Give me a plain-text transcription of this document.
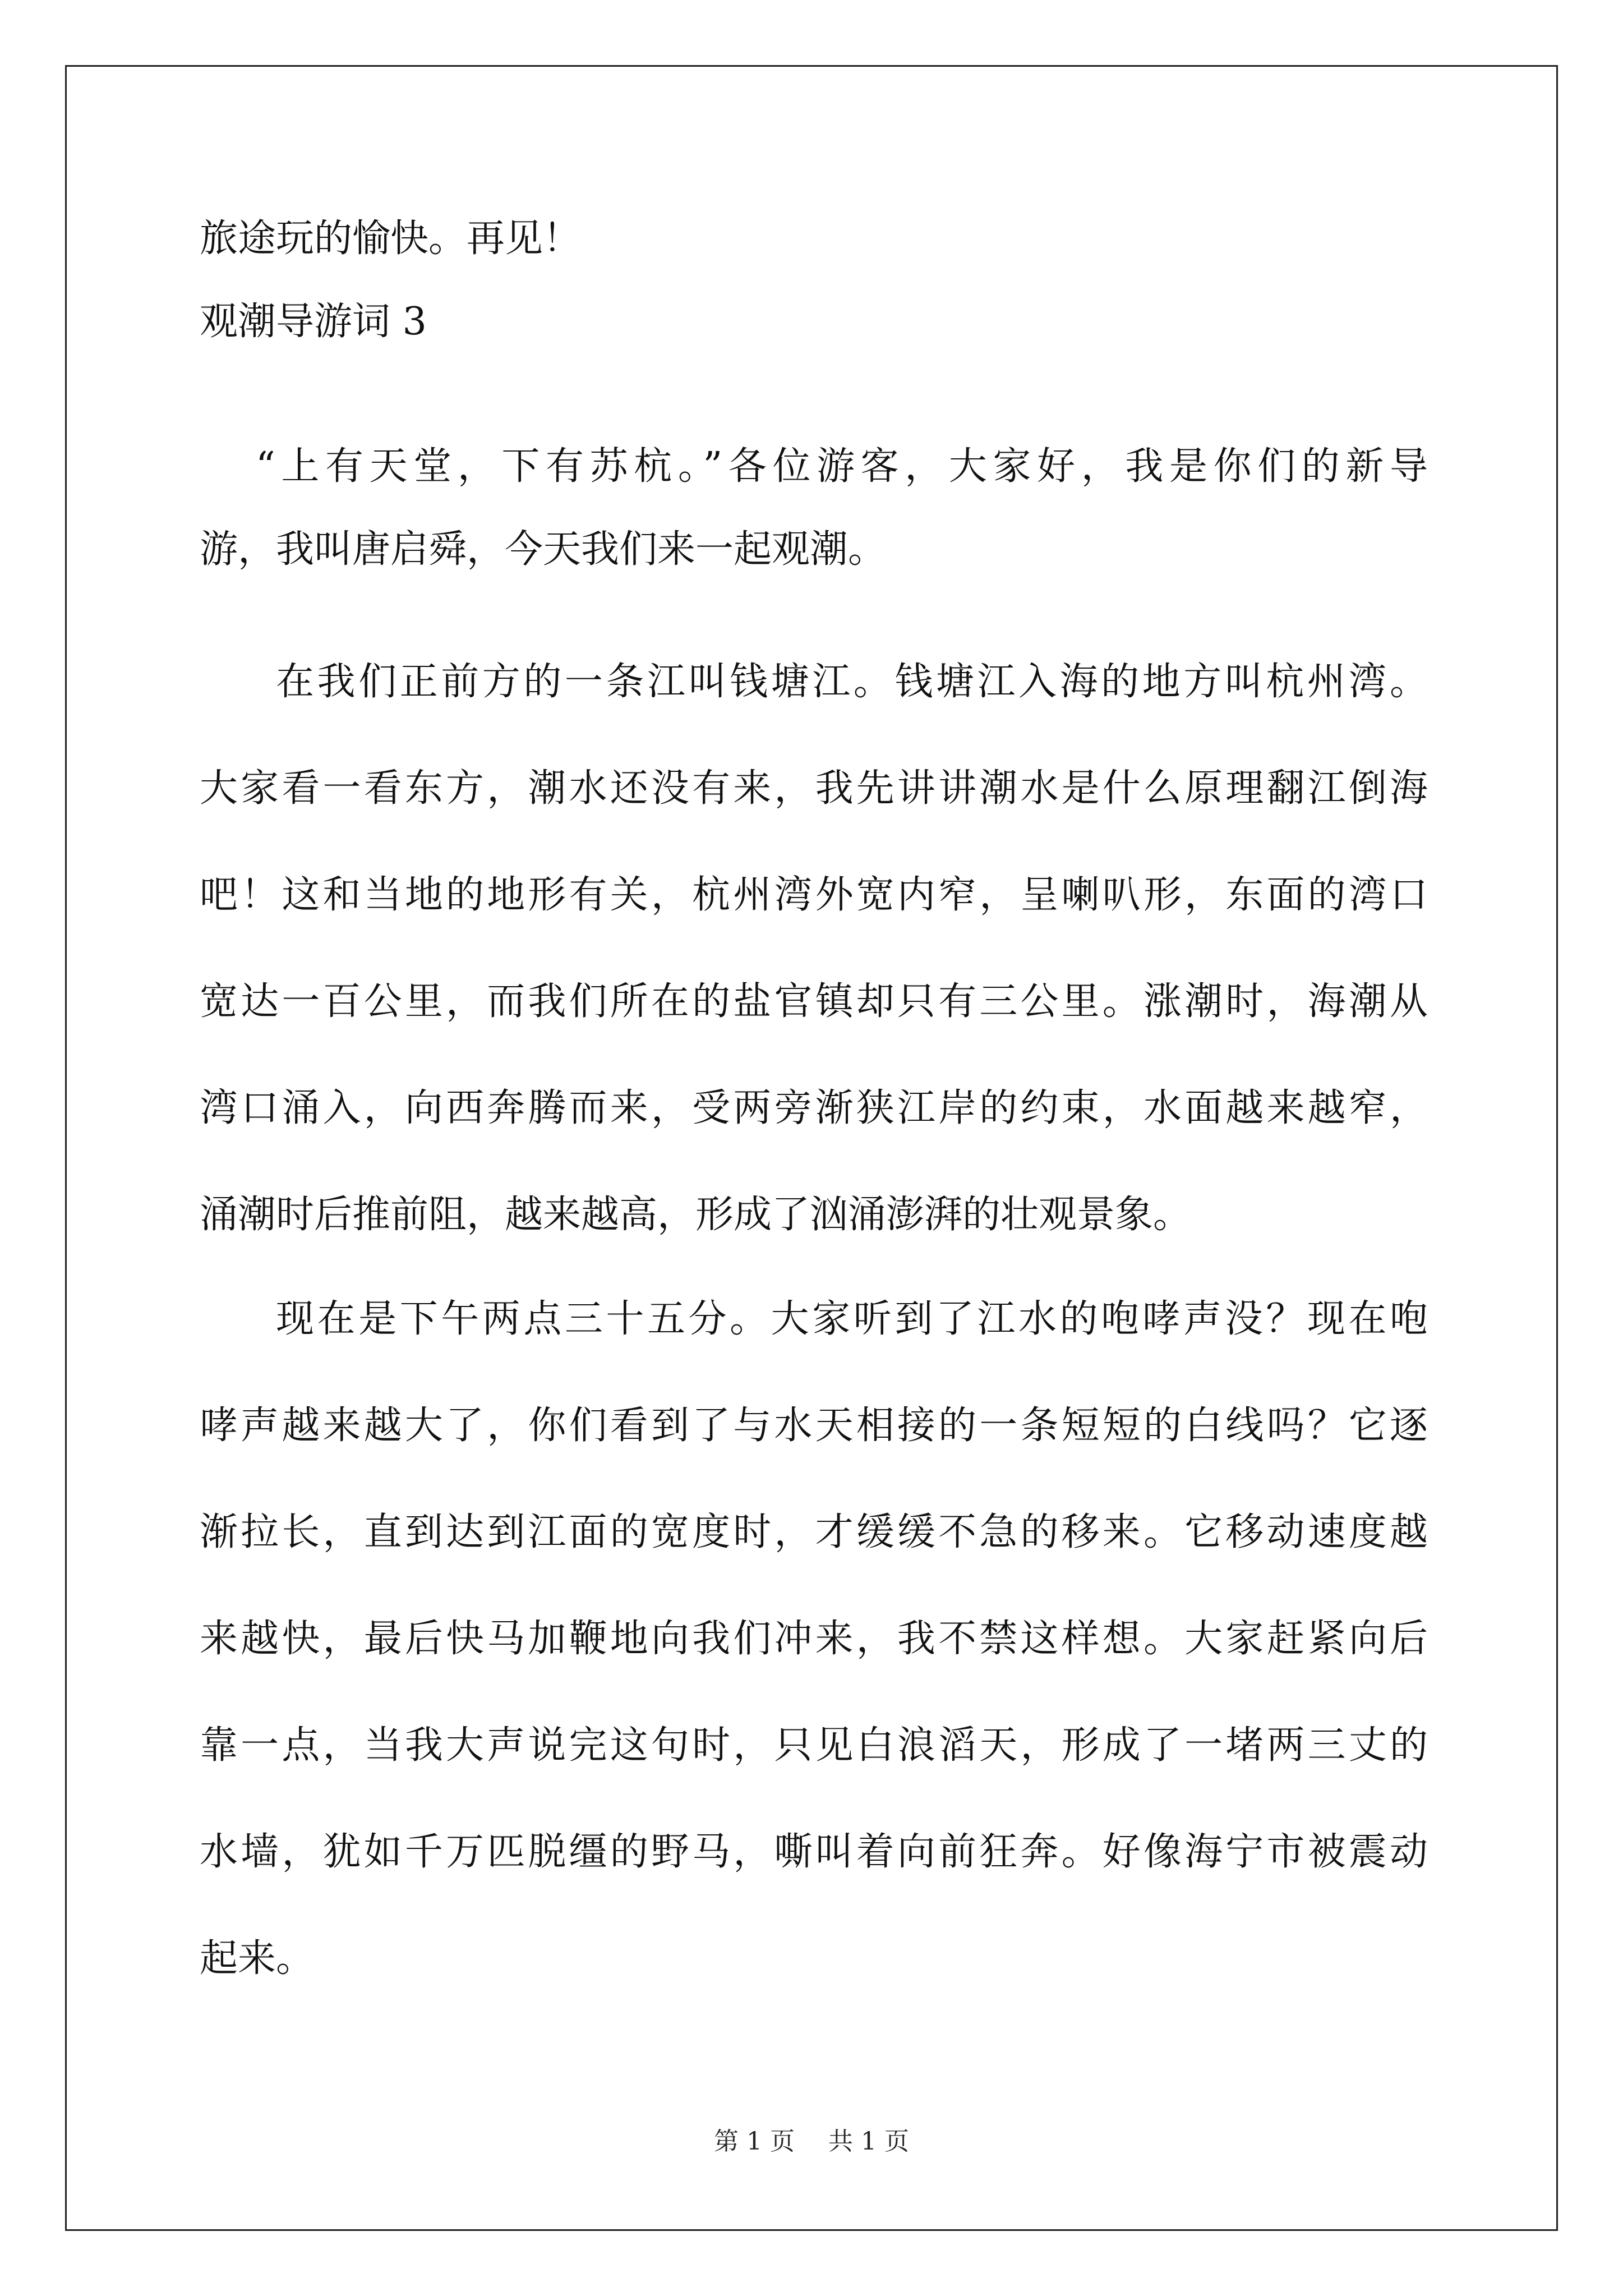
旅途玩的愉快。再见！
观潮导游词 3
“上有天堂，下有苏杭。”各位游客，大家好，我是你们的新导
游，我叫唐启舜，今天我们来一起观潮。
在我们正前方的一条江叫钱塘江。钱塘江入海的地方叫杭州湾。
大家看一看东方，潮水还没有来，我先讲讲潮水是什么原理翻江倒海
吧！这和当地的地形有关，杭州湾外宽内窄，呈喇叭形，东面的湾口
宽达一百公里，而我们所在的盐官镇却只有三公里。涨潮时，海潮从
湾口涌入，向西奔腾而来，受两旁渐狭江岸的约束，水面越来越窄，
涌潮时后推前阻，越来越高，形成了汹涌澎湃的壮观景象。
现在是下午两点三十五分。大家听到了江水的咆哮声没？现在咆
哮声越来越大了，你们看到了与水天相接的一条短短的白线吗？它逐
渐拉长，直到达到江面的宽度时，才缓缓不急的移来。它移动速度越
来越快，最后快马加鞭地向我们冲来，我不禁这样想。大家赶紧向后
靠一点，当我大声说完这句时，只见白浪滔天，形成了一堵两三丈的
水墙，犹如千万匹脱缰的野马，嘶叫着向前狂奔。好像海宁市被震动
起来。
第 1 页 共 1 页
